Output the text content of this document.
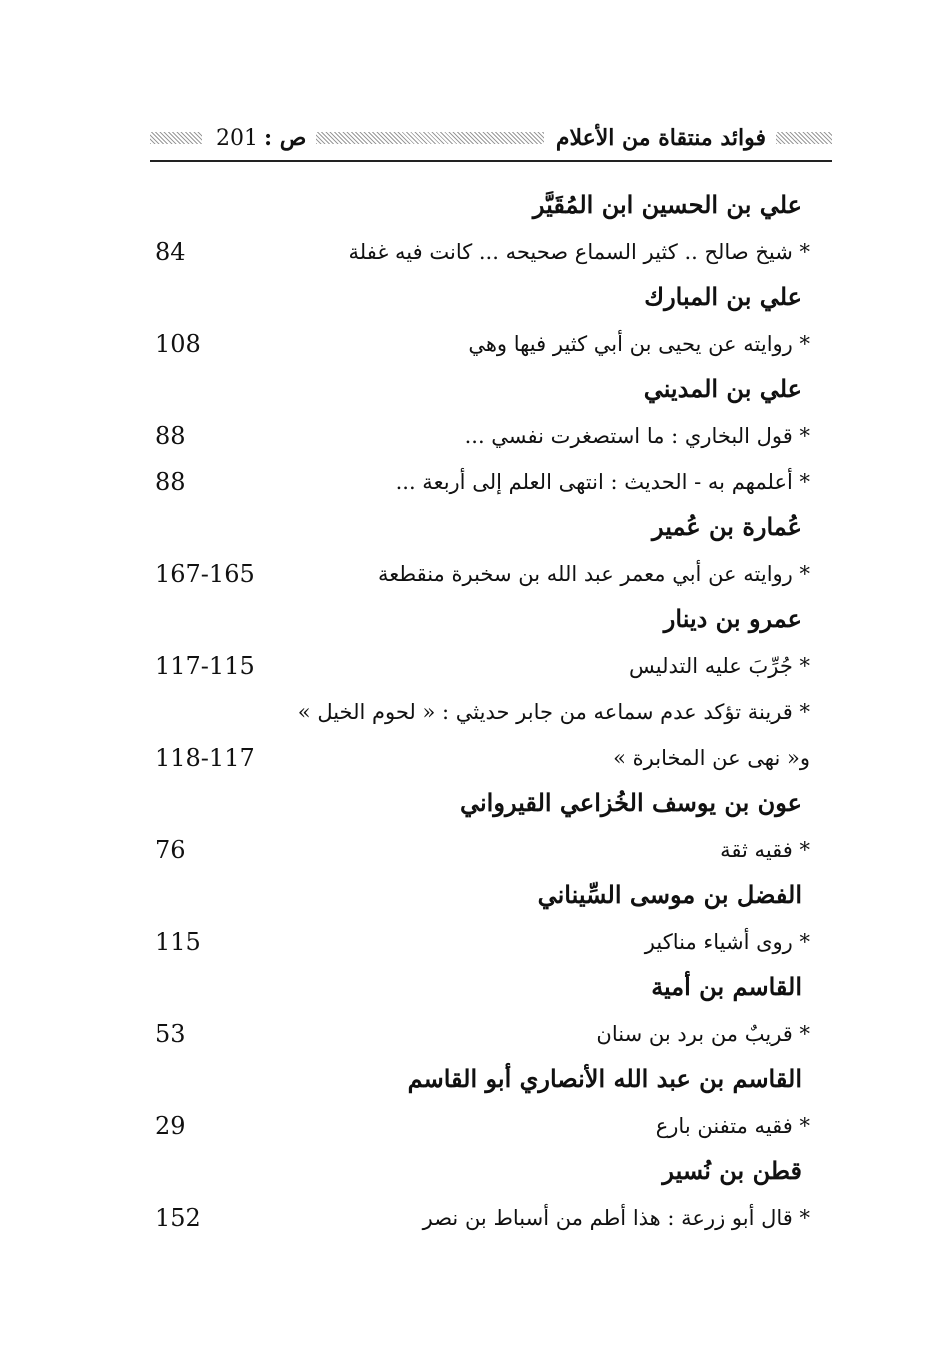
201 ص :	فوائد منتقاة من الأعلام
علي بن الحسين ابن المُقَيَّر
* شيخ صالح .. كثير السماع صحيحه ... كانت فيه غفلة
84
علي بن المبارك
* روايته عن يحيى بن أبي كثير فيها وهي
108
علي بن المديني
* قول البخاري : ما استصغرت نفسي ...
88
* أعلمهم به - الحديث : انتهى العلم إلى أربعة ...
88
عُمارة بن عُمير
* روايته عن أبي معمر عبد الله بن سخبرة منقطعة
167-165
عمرو بن دينار
* جُرِّبَ عليه التدليس
117-115
* قرينة تؤكد عدم سماعه من جابر حديثي : « لحوم الخيل »
و« نهى عن المخابرة »
118-117
عون بن يوسف الخُزاعي القيرواني
* فقيه ثقة
76
الفضل بن موسى السِّيناني
* روى أشياء مناكير
115
القاسم بن أمية
* قريبٌ من برد بن سنان
53
القاسم بن عبد الله الأنصاري أبو القاسم
* فقيه متفنن بارع
29
قطن بن نُسير
* قال أبو زرعة : هذا أطم من أسباط بن نصر
152
